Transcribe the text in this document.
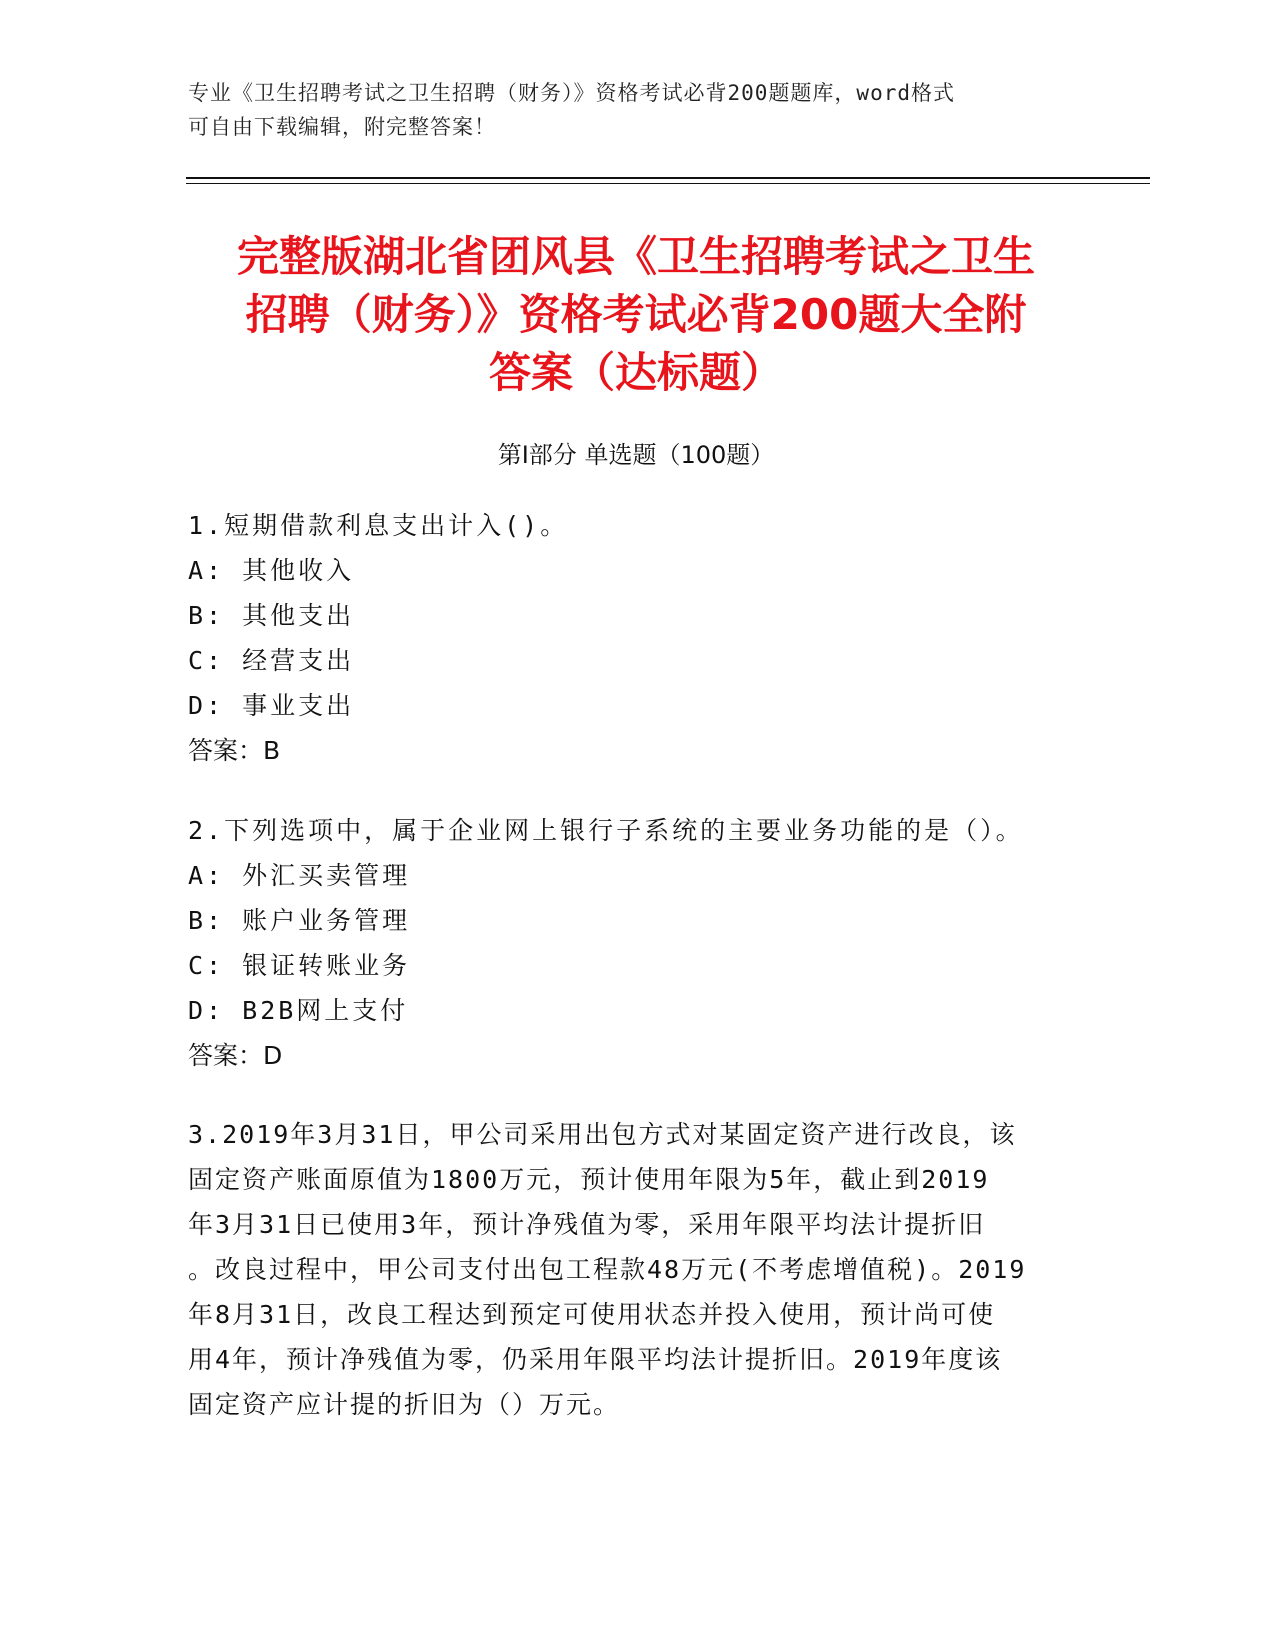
专业《卫生招聘考试之卫生招聘（财务）》资格考试必背200题题库，word格式
可自由下载编辑，附完整答案！
完整版湖北省团风县《卫生招聘考试之卫生
招聘（财务）》资格考试必背200题大全附
答案（达标题）
第Ⅰ部分 单选题（100题）
1.短期借款利息支出计入()。
A: 其他收入
B: 其他支出
C: 经营支出
D: 事业支出
答案：B
2.下列选项中，属于企业网上银行子系统的主要业务功能的是（）。
A: 外汇买卖管理
B: 账户业务管理
C: 银证转账业务
D: B2B网上支付
答案：D
3.2019年3月31日，甲公司采用出包方式对某固定资产进行改良，该
固定资产账面原值为1800万元，预计使用年限为5年，截止到2019
年3月31日已使用3年，预计净残值为零，采用年限平均法计提折旧
。改良过程中，甲公司支付出包工程款48万元(不考虑增值税)。2019
年8月31日，改良工程达到预定可使用状态并投入使用，预计尚可使
用4年，预计净残值为零，仍采用年限平均法计提折旧。2019年度该
固定资产应计提的折旧为（）万元。
